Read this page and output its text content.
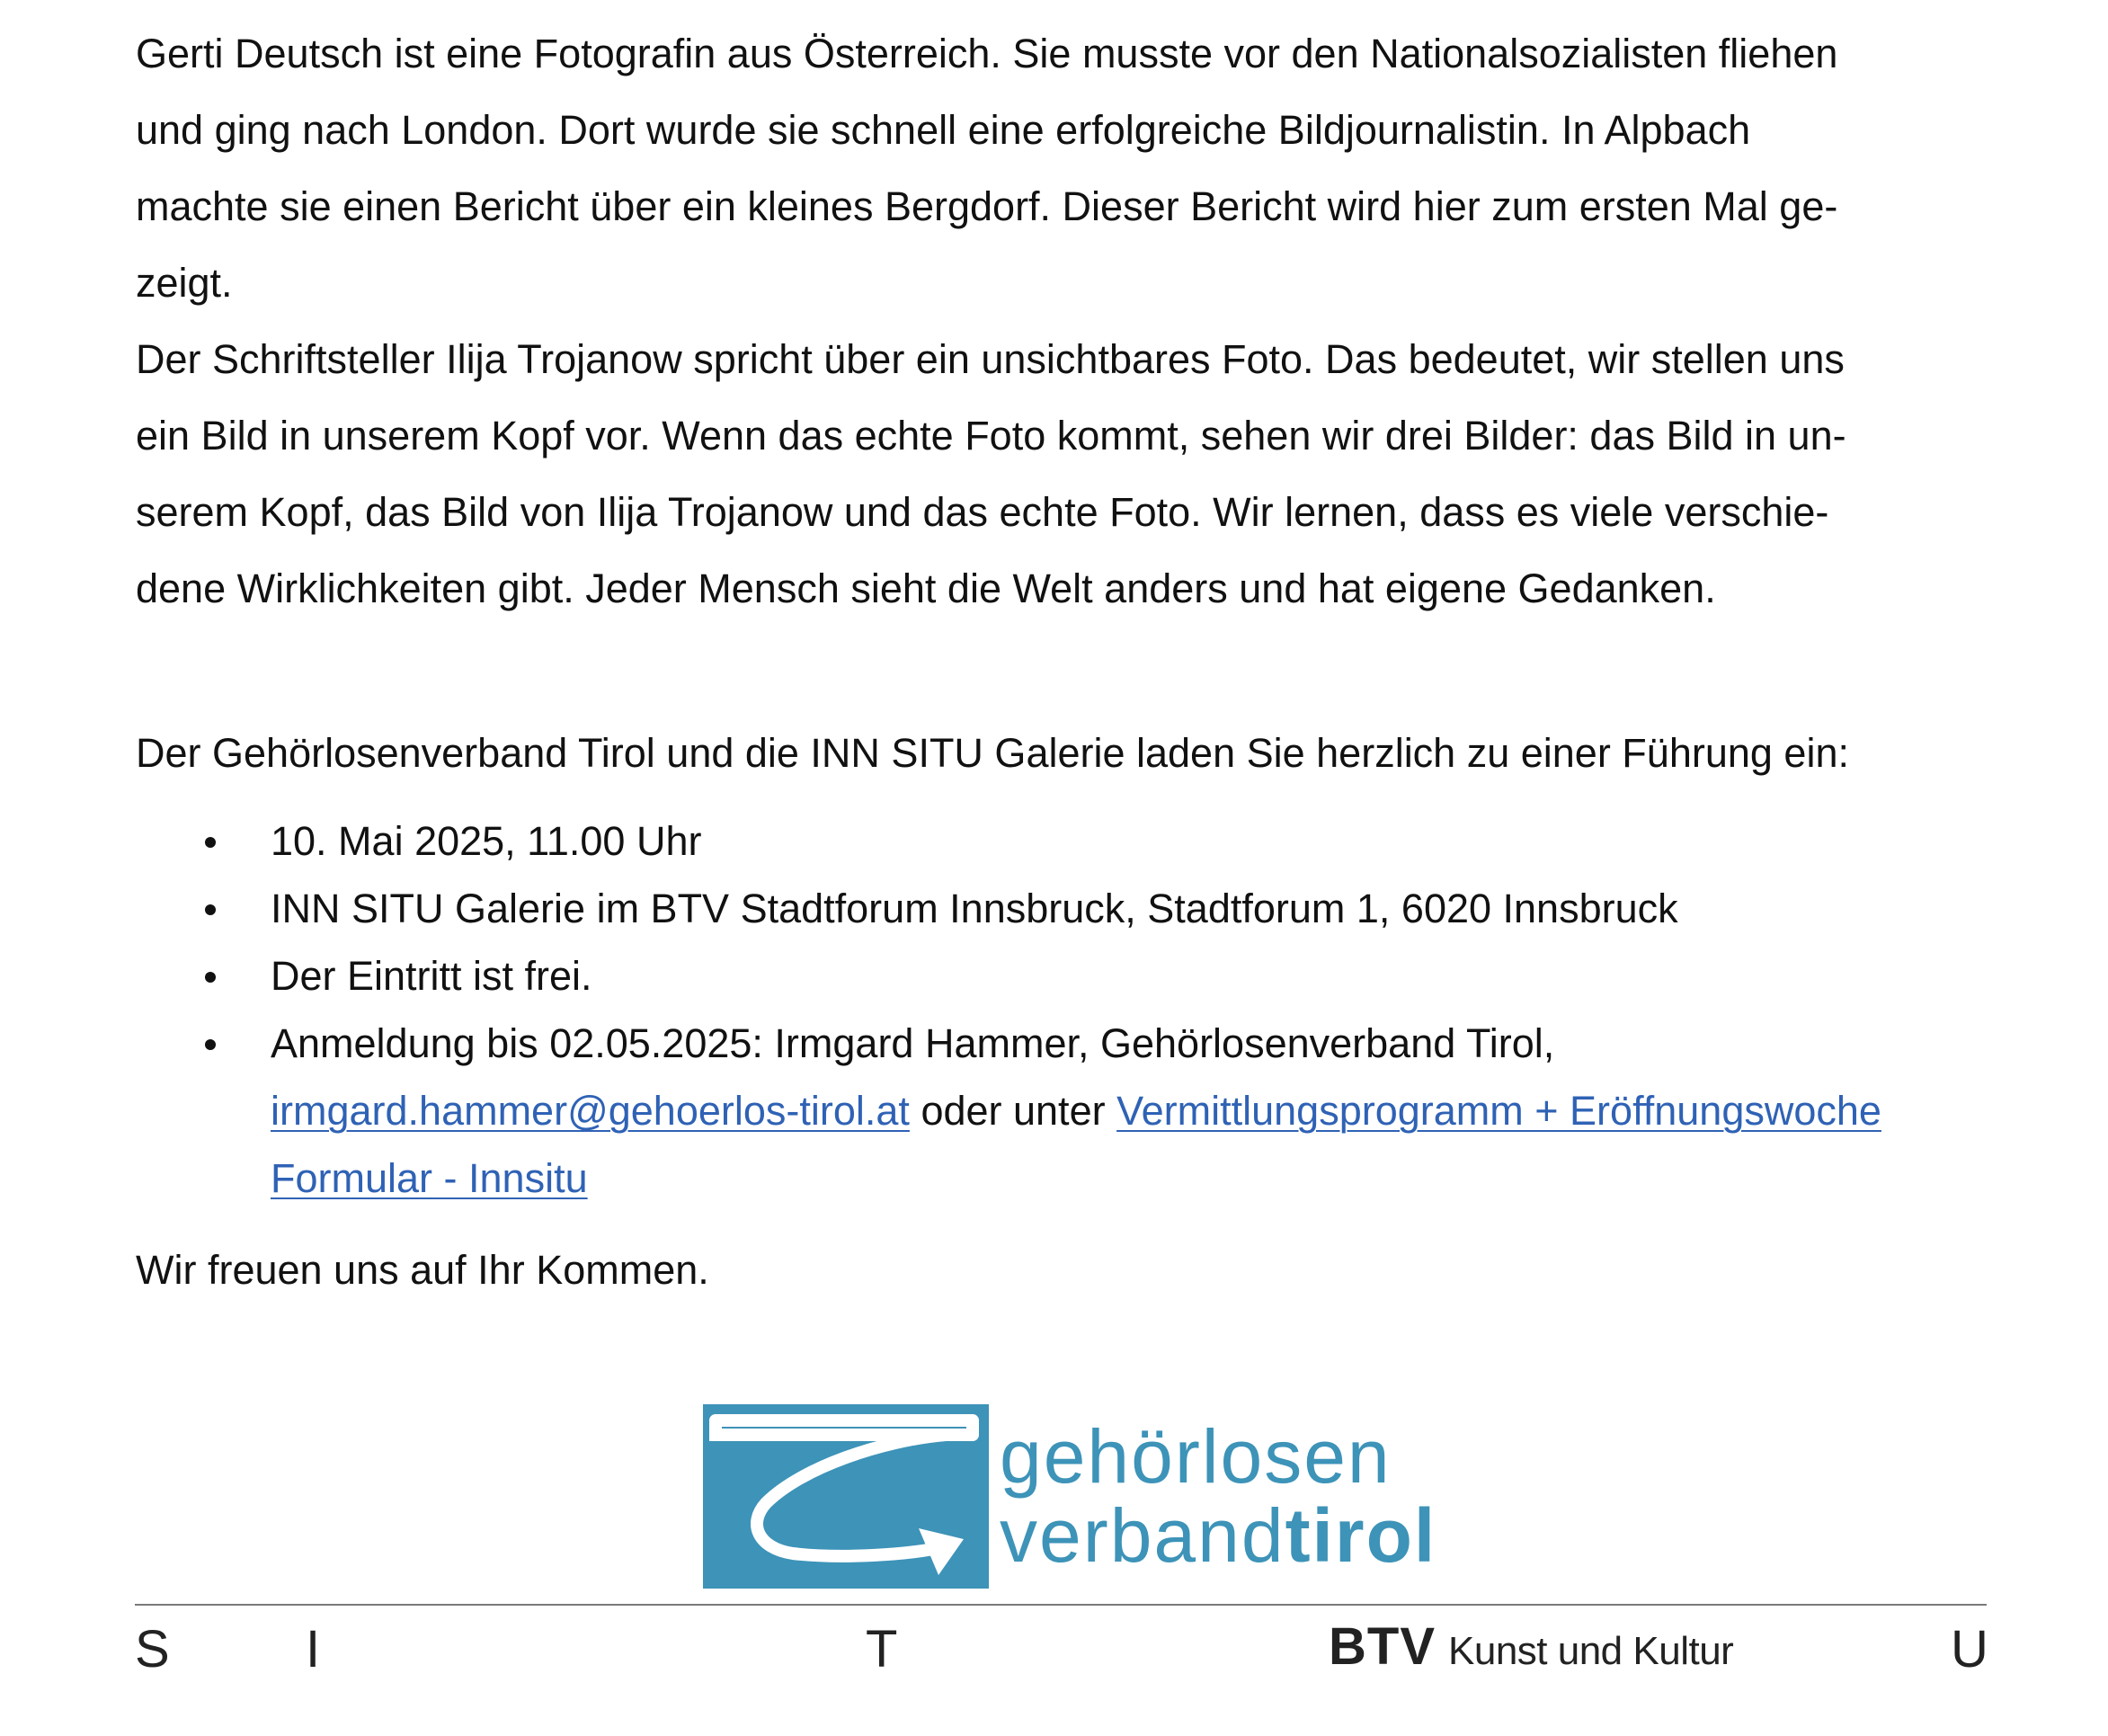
Gerti Deutsch ist eine Fotografin aus Österreich. Sie musste vor den Nationalsozialisten fliehen
und ging nach London. Dort wurde sie schnell eine erfolgreiche Bildjournalistin. In Alpbach
machte sie einen Bericht über ein kleines Bergdorf. Dieser Bericht wird hier zum ersten Mal ge-
zeigt.
Der Schriftsteller Ilija Trojanow spricht über ein unsichtbares Foto. Das bedeutet, wir stellen uns
ein Bild in unserem Kopf vor. Wenn das echte Foto kommt, sehen wir drei Bilder: das Bild in un-
serem Kopf, das Bild von Ilija Trojanow und das echte Foto. Wir lernen, dass es viele verschie-
dene Wirklichkeiten gibt. Jeder Mensch sieht die Welt anders und hat eigene Gedanken.

Der Gehörlosenverband Tirol und die INN SITU Galerie laden Sie herzlich zu einer Führung ein:

10. Mai 2025, 11.00 Uhr
INN SITU Galerie im BTV Stadtforum Innsbruck, Stadtforum 1, 6020 Innsbruck
Der Eintritt ist frei.
Anmeldung bis 02.05.2025: Irmgard Hammer, Gehörlosenverband Tirol,
irmgard.hammer@gehoerlos-tirol.at oder unter Vermittlungsprogramm + Eröffnungswoche
Formular - Innsitu

Wir freuen uns auf Ihr Kommen.

gehörlosen
verbandtirol
S	I	T	BTV Kunst und Kultur	U
